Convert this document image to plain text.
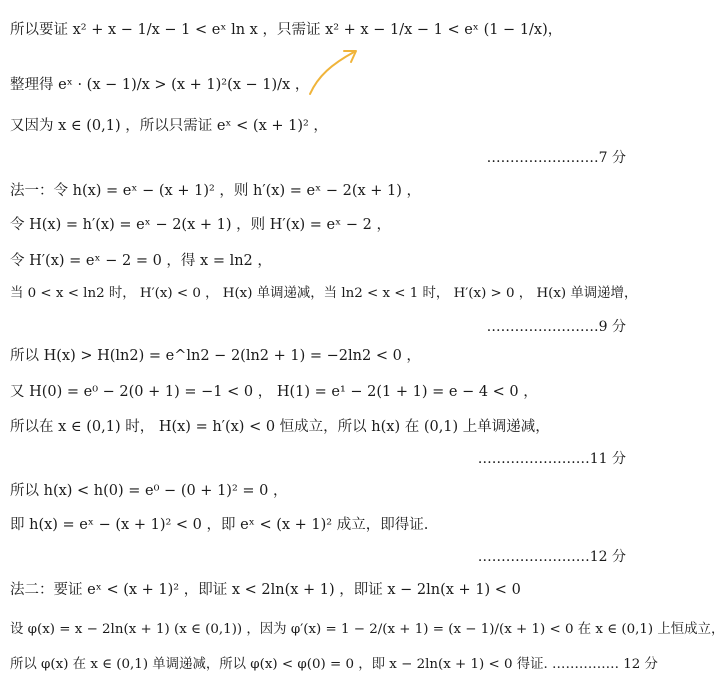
所以要证 x² + x − 1/x − 1 < eˣ ln x ，只需证 x² + x − 1/x − 1 < eˣ (1 − 1/x)，
整理得 eˣ · (x − 1)/x > (x + 1)²(x − 1)/x ，
又因为 x ∈ (0,1) ，所以只需证 eˣ < (x + 1)² ，
……………………7 分
法一：令 h(x) = eˣ − (x + 1)² ，则 h′(x) = eˣ − 2(x + 1) ，
令 H(x) = h′(x) = eˣ − 2(x + 1) ，则 H′(x) = eˣ − 2 ，
令 H′(x) = eˣ − 2 = 0 ，得 x = ln2 ，
当 0 < x < ln2 时， H′(x) < 0 ， H(x) 单调递减，当 ln2 < x < 1 时， H′(x) > 0 ， H(x) 单调递增，
……………………9 分
所以 H(x) > H(ln2) = e^ln2 − 2(ln2 + 1) = −2ln2 < 0 ，
又 H(0) = e⁰ − 2(0 + 1) = −1 < 0 ， H(1) = e¹ − 2(1 + 1) = e − 4 < 0 ，
所以在 x ∈ (0,1) 时， H(x) = h′(x) < 0 恒成立，所以 h(x) 在 (0,1) 上单调递减，
……………………11 分
所以 h(x) < h(0) = e⁰ − (0 + 1)² = 0 ，
即 h(x) = eˣ − (x + 1)² < 0 ，即 eˣ < (x + 1)² 成立，即得证.
……………………12 分
法二：要证 eˣ < (x + 1)² ，即证 x < 2ln(x + 1) ，即证 x − 2ln(x + 1) < 0
设 φ(x) = x − 2ln(x + 1) (x ∈ (0,1)) ，因为 φ′(x) = 1 − 2/(x + 1) = (x − 1)/(x + 1) < 0 在 x ∈ (0,1) 上恒成立，
所以 φ(x) 在 x ∈ (0,1) 单调递减，所以 φ(x) < φ(0) = 0 ，即 x − 2ln(x + 1) < 0 得证. …………… 12 分
